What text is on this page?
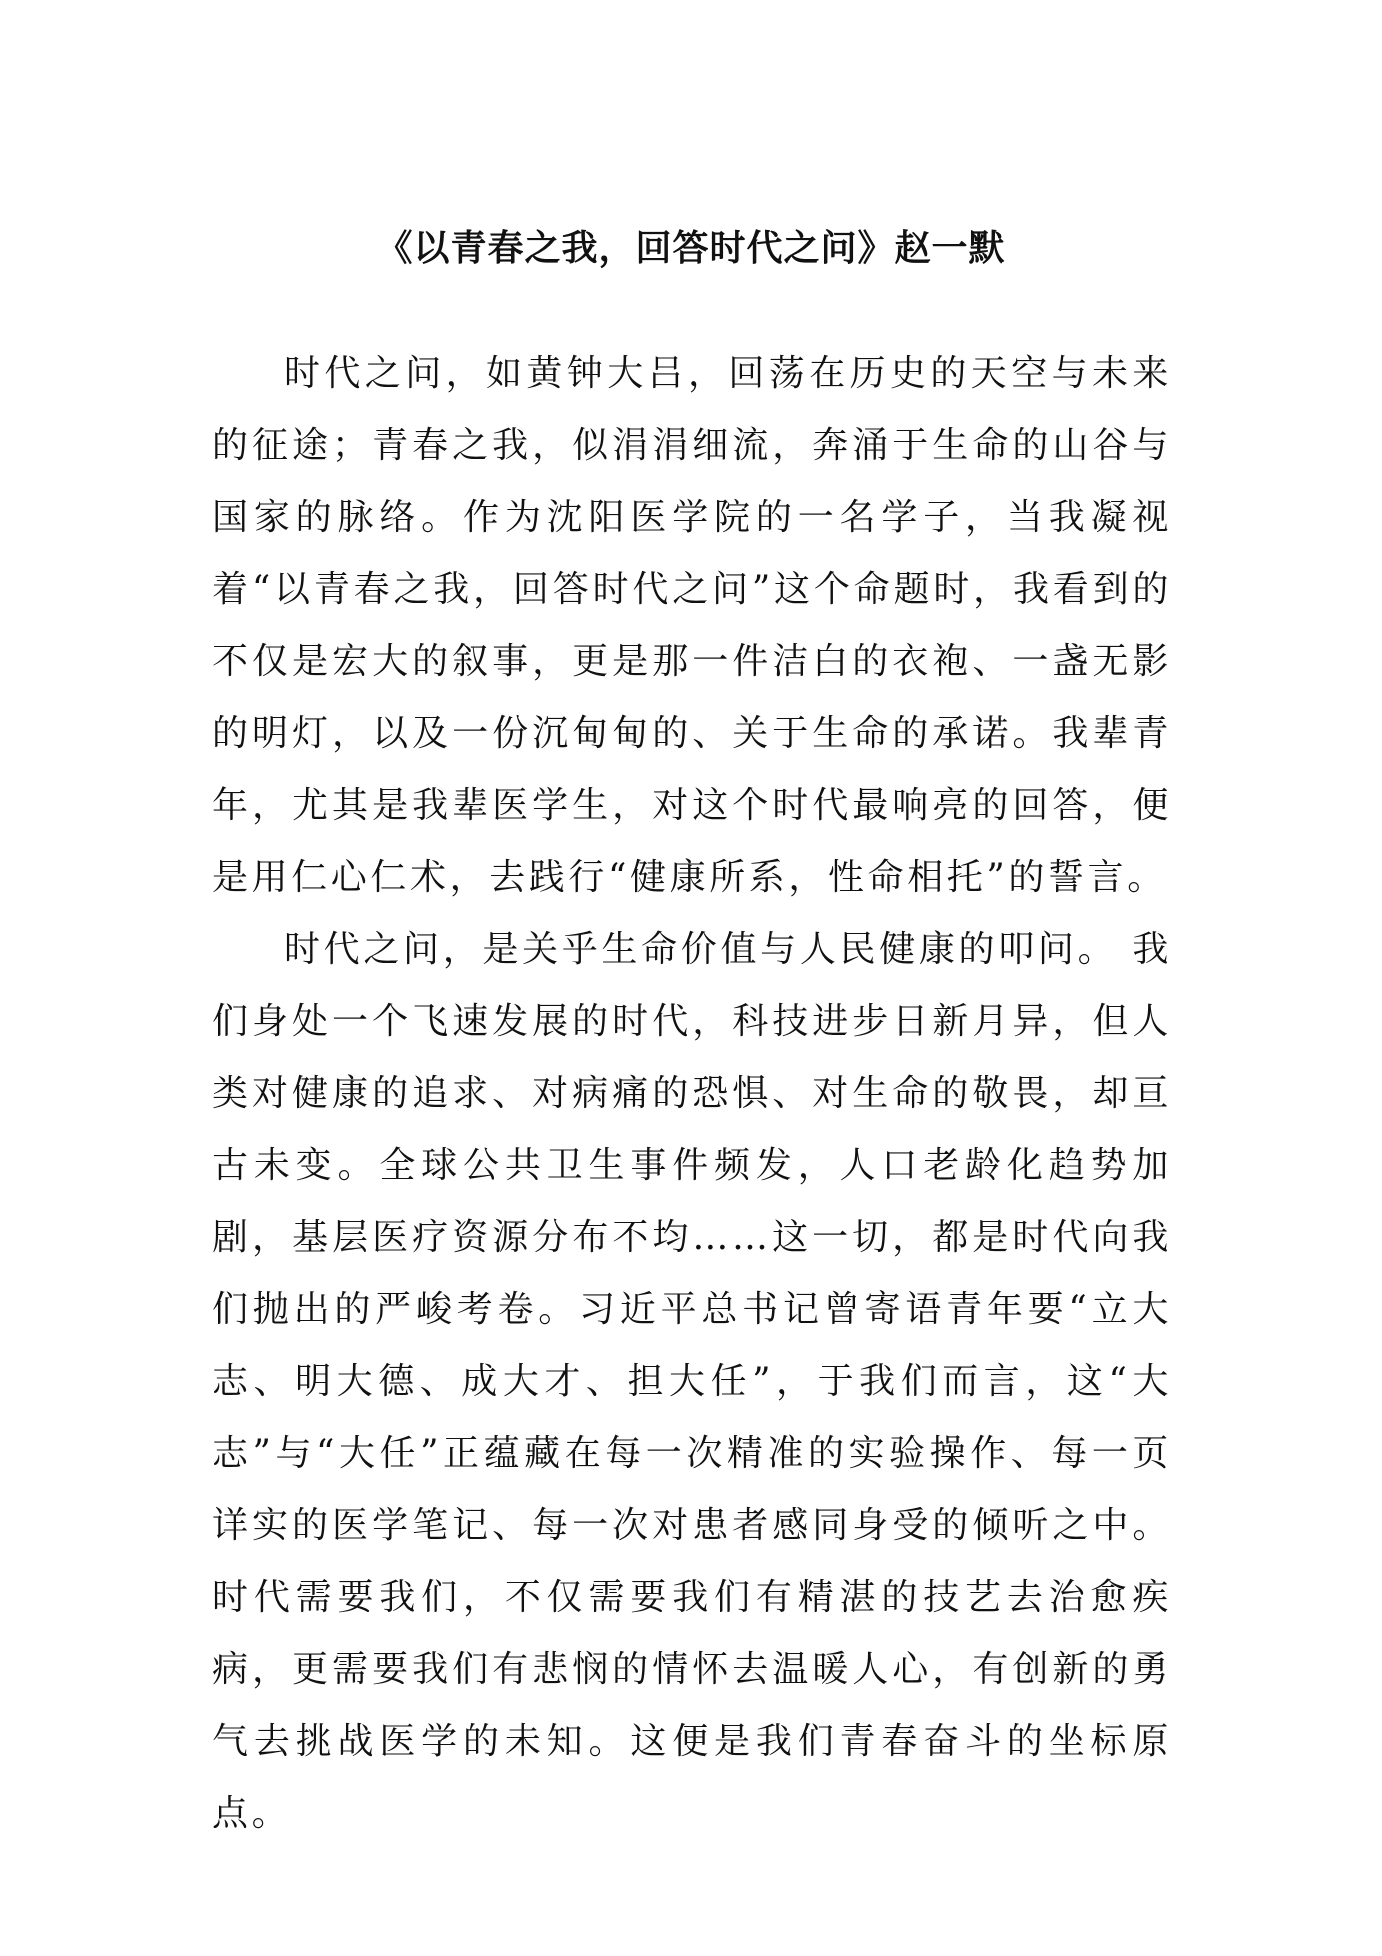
《以青春之我，回答时代之问》赵一默

时代之问，如黄钟大吕，回荡在历史的天空与未来的征途；青春之我，似涓涓细流，奔涌于生命的山谷与国家的脉络。作为沈阳医学院的一名学子，当我凝视着“以青春之我，回答时代之问”这个命题时，我看到的不仅是宏大的叙事，更是那一件洁白的衣袍、一盏无影的明灯，以及一份沉甸甸的、关于生命的承诺。我辈青年，尤其是我辈医学生，对这个时代最响亮的回答，便是用仁心仁术，去践行“健康所系，性命相托”的誓言。

时代之问，是关乎生命价值与人民健康的叩问。 我们身处一个飞速发展的时代，科技进步日新月异，但人类对健康的追求、对病痛的恐惧、对生命的敬畏，却亘古未变。全球公共卫生事件频发，人口老龄化趋势加剧，基层医疗资源分布不均……这一切，都是时代向我们抛出的严峻考卷。习近平总书记曾寄语青年要“立大志、明大德、成大才、担大任”，于我们而言，这“大志”与“大任”正蕴藏在每一次精准的实验操作、每一页详实的医学笔记、每一次对患者感同身受的倾听之中。时代需要我们，不仅需要我们有精湛的技艺去治愈疾病，更需要我们有悲悯的情怀去温暖人心，有创新的勇气去挑战医学的未知。这便是我们青春奋斗的坐标原点。
